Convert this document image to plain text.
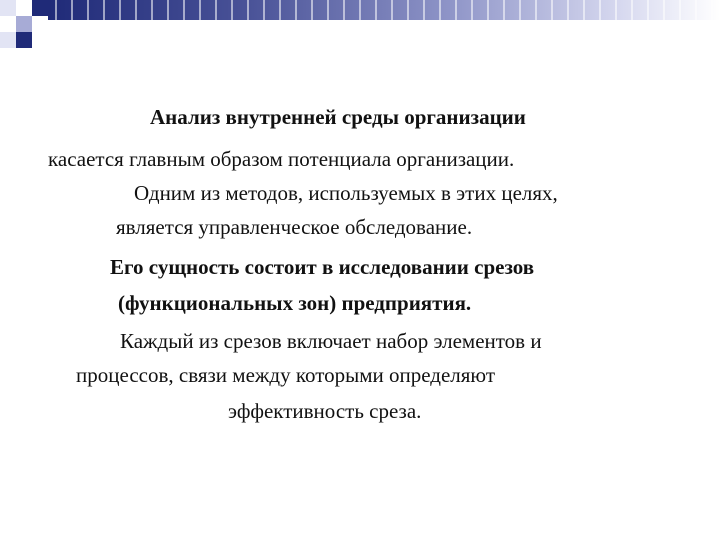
Анализ внутренней среды организации
касается главным образом потенциала организации.
Одним из методов, используемых в этих целях,
является управленческое обследование.
Его сущность состоит в исследовании срезов
(функциональных зон) предприятия.
Каждый из срезов включает набор элементов и
процессов, связи между которыми определяют
эффективность среза.
